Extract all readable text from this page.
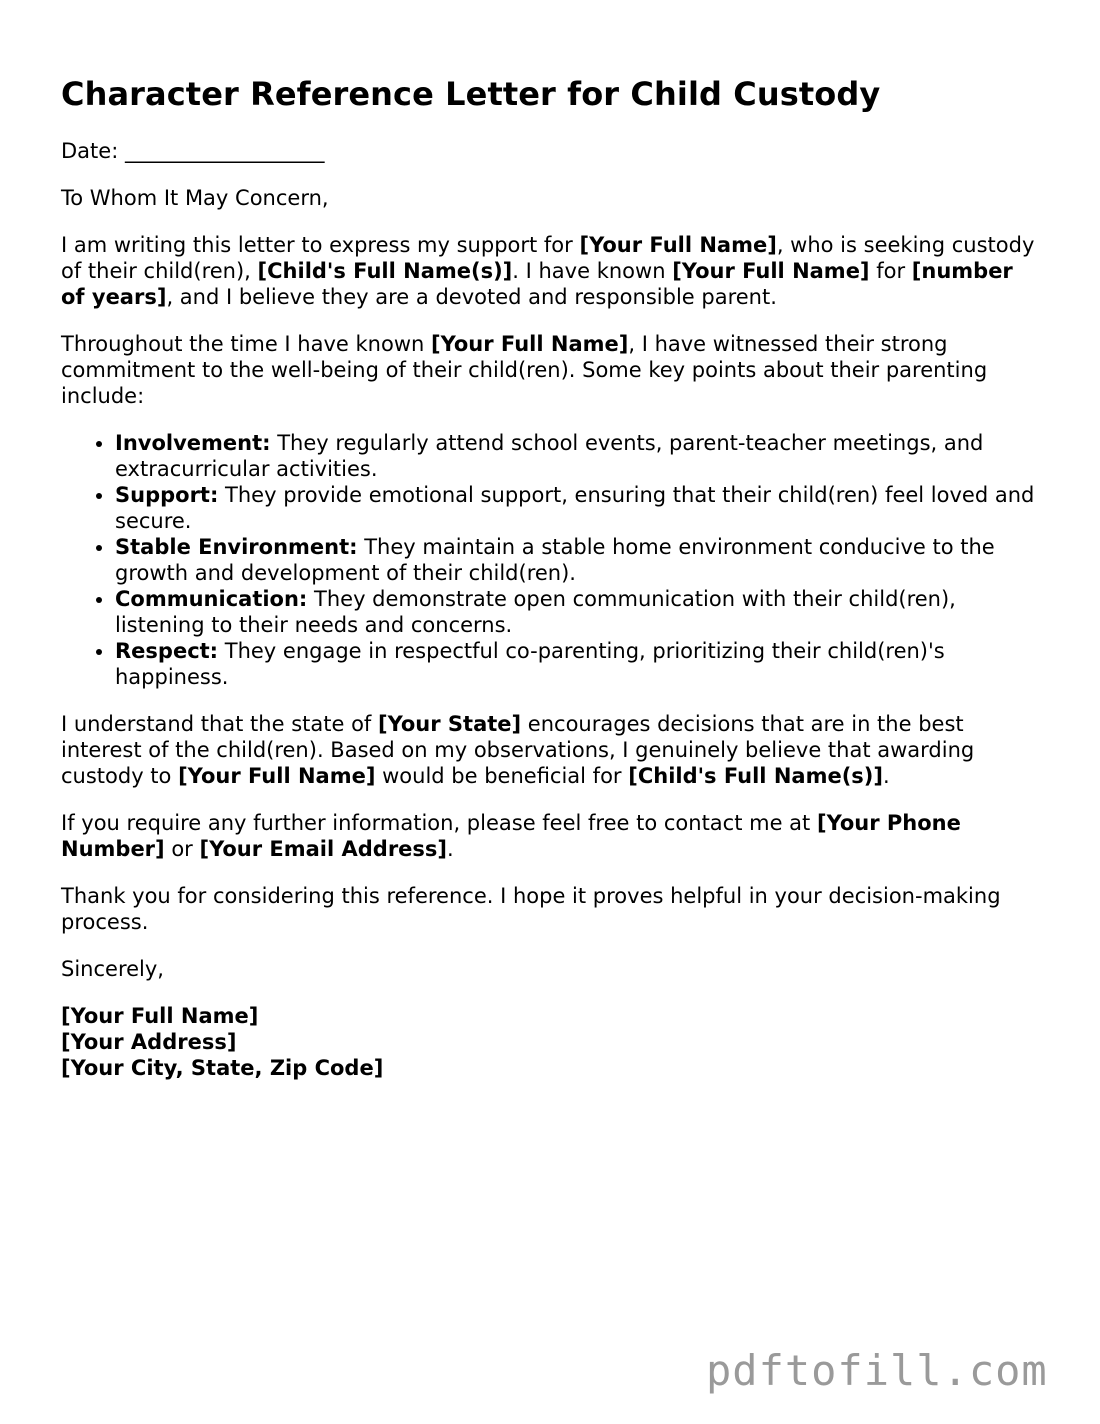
Character Reference Letter for Child Custody

Date: ___________________

To Whom It May Concern,

I am writing this letter to express my support for [Your Full Name], who is seeking custody of their child(ren), [Child's Full Name(s)]. I have known [Your Full Name] for [number of years], and I believe they are a devoted and responsible parent.

Throughout the time I have known [Your Full Name], I have witnessed their strong commitment to the well-being of their child(ren). Some key points about their parenting include:

• Involvement: They regularly attend school events, parent-teacher meetings, and extracurricular activities.
• Support: They provide emotional support, ensuring that their child(ren) feel loved and secure.
• Stable Environment: They maintain a stable home environment conducive to the growth and development of their child(ren).
• Communication: They demonstrate open communication with their child(ren), listening to their needs and concerns.
• Respect: They engage in respectful co-parenting, prioritizing their child(ren)'s happiness.

I understand that the state of [Your State] encourages decisions that are in the best interest of the child(ren). Based on my observations, I genuinely believe that awarding custody to [Your Full Name] would be beneficial for [Child's Full Name(s)].

If you require any further information, please feel free to contact me at [Your Phone Number] or [Your Email Address].

Thank you for considering this reference. I hope it proves helpful in your decision-making process.

Sincerely,

[Your Full Name]
[Your Address]
[Your City, State, Zip Code]
pdftofill.com
